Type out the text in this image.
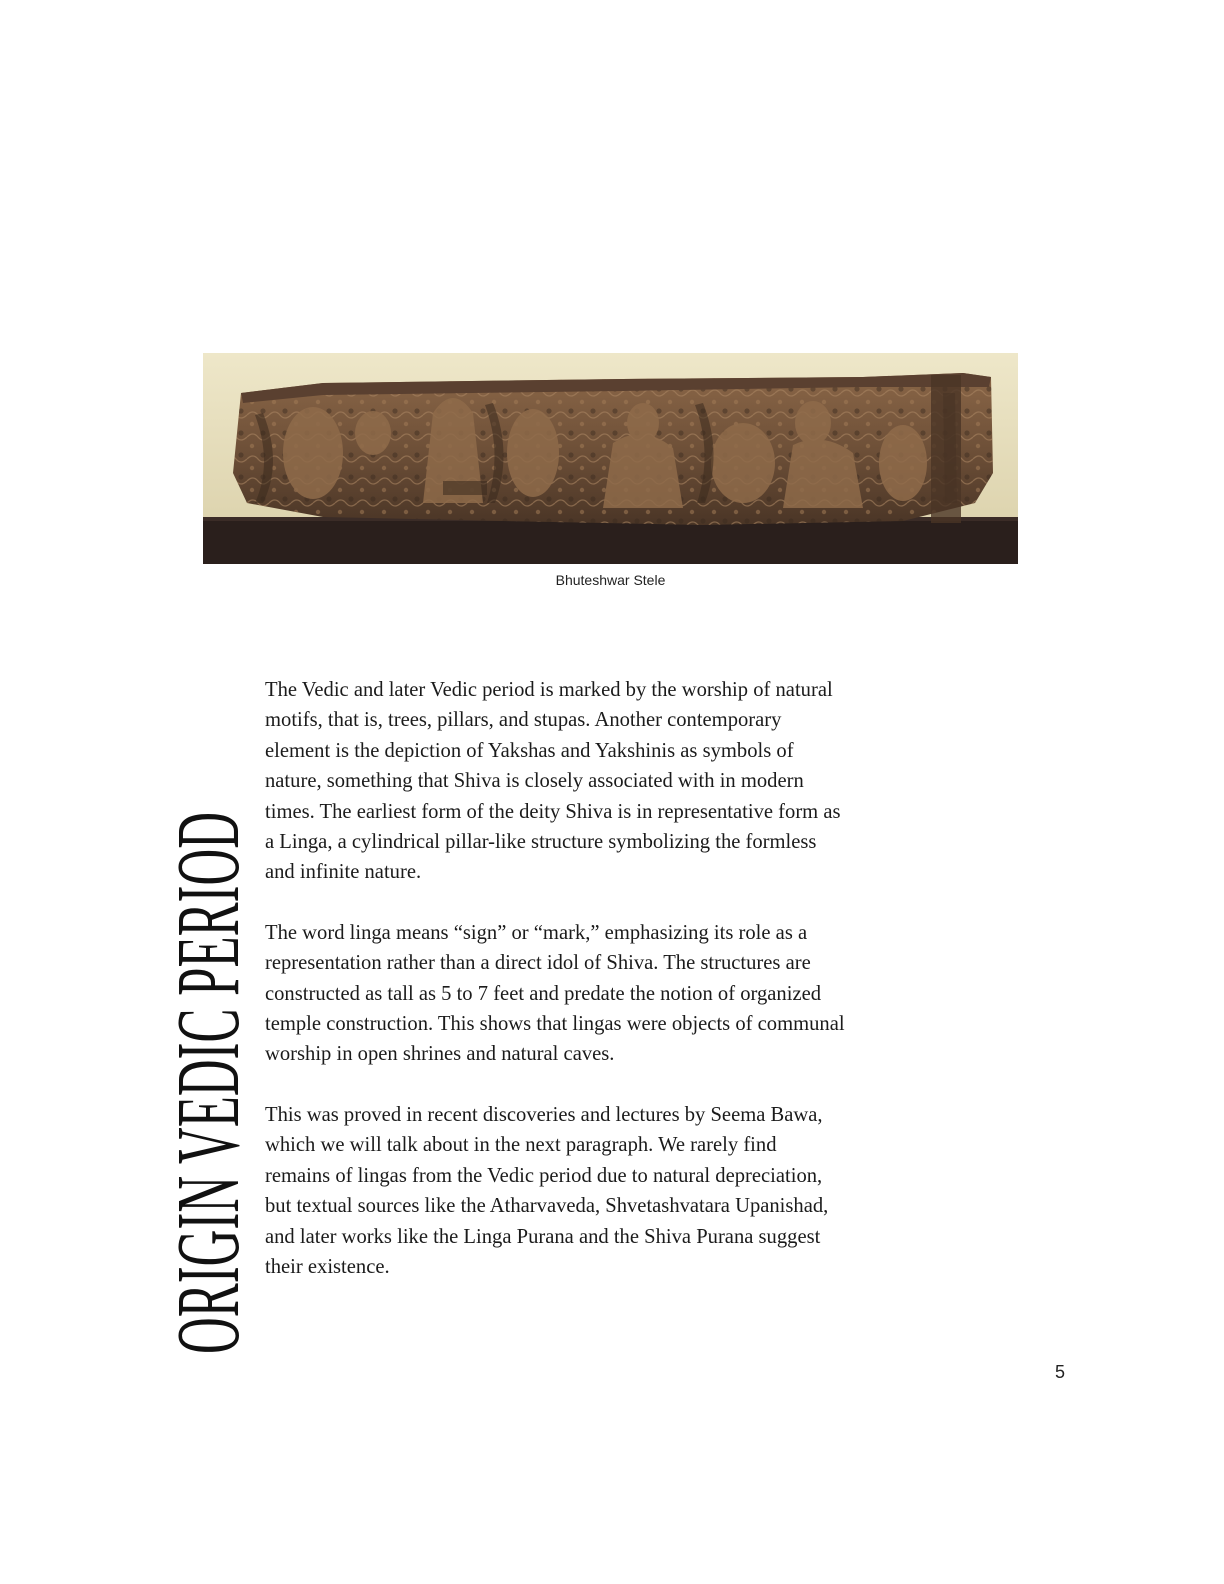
Bhuteshwar Stele
ORIGIN VEDIC PERIOD The Vedic and later Vedic period is marked by the worship of natural motifs, that is, trees, pillars, and stupas. Another contemporary element is the depiction of Yakshas and Yakshinis as symbols of nature, something that Shiva is closely associated with in modern times. The earliest form of the deity Shiva is in representative form as a Linga, a cylindrical pillar-like structure symbolizing the formless and infinite nature.

The word linga means “sign” or “mark,” emphasizing its role as a representation rather than a direct idol of Shiva. The structures are constructed as tall as 5 to 7 feet and predate the notion of organized temple construction. This shows that lingas were objects of communal worship in open shrines and natural caves.

This was proved in recent discoveries and lectures by Seema Bawa, which we will talk about in the next paragraph. We rarely find remains of lingas from the Vedic period due to natural depreciation, but textual sources like the Atharvaveda, Shvetashvatara Upanishad, and later works like the Linga Purana and the Shiva Purana suggest their existence.

5
